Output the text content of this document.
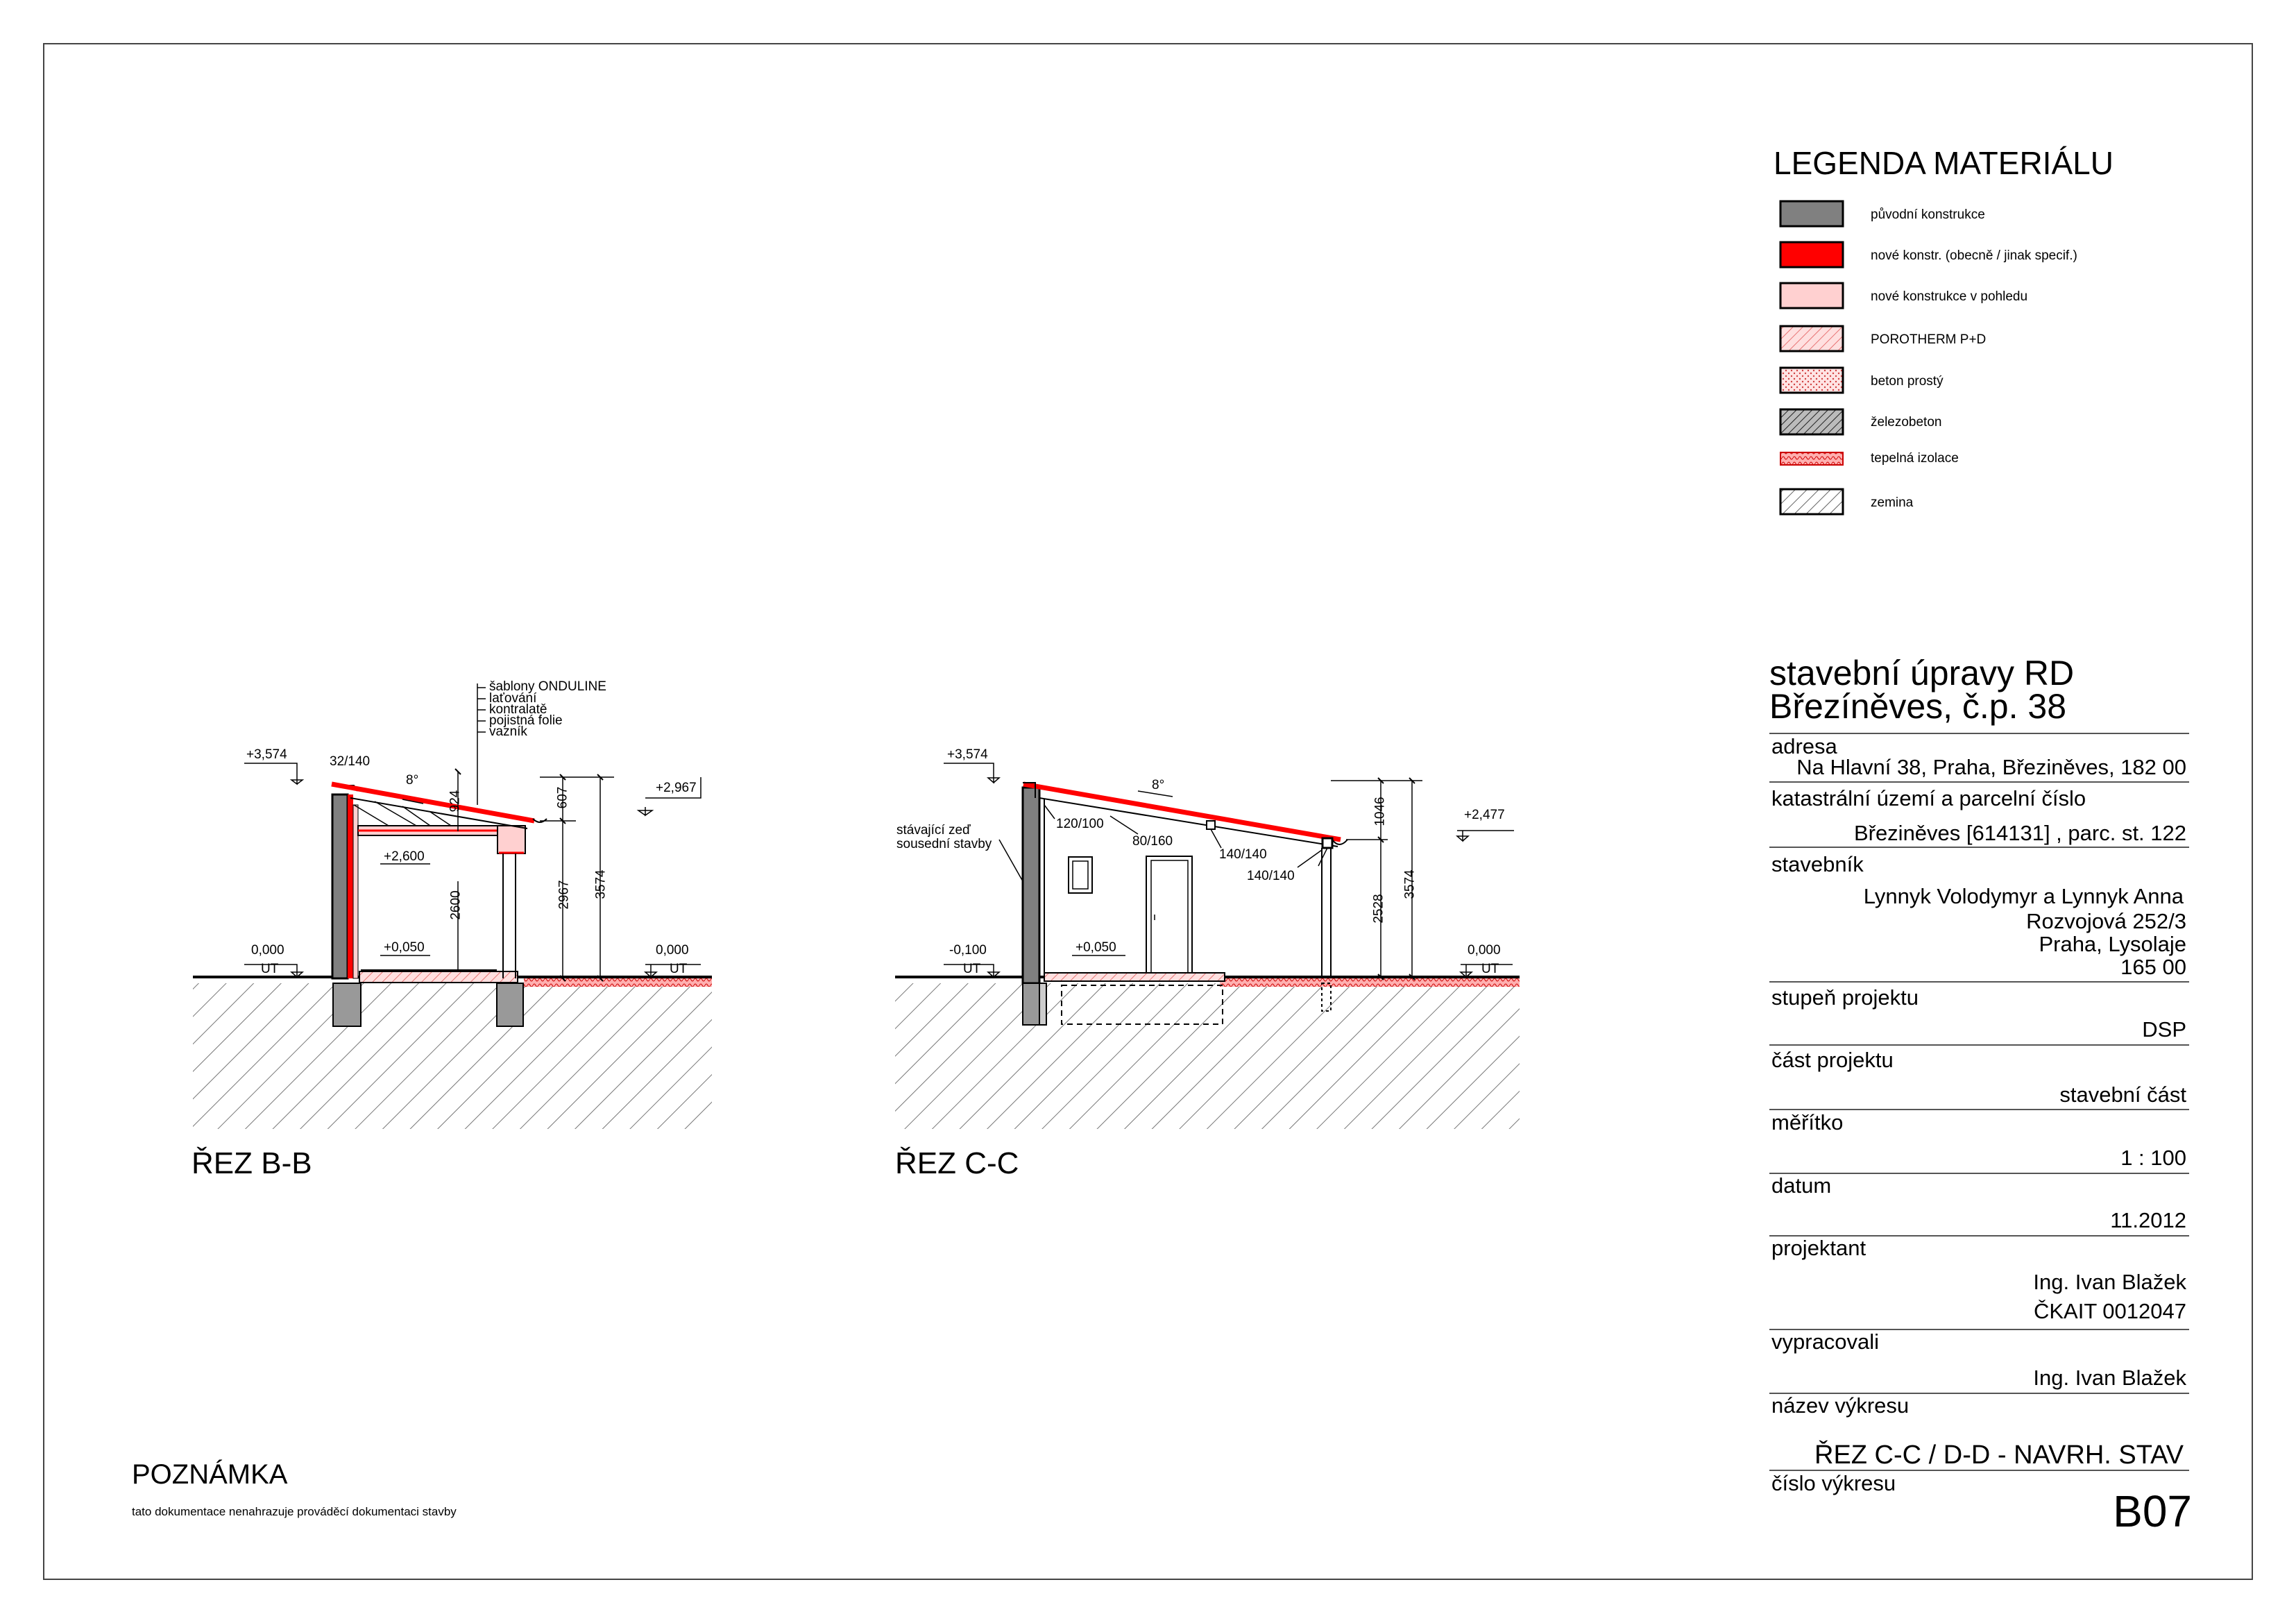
LEGENDA MATERIÁLU
původní konstrukce
nové konstr. (obecně / jinak specif.)
nové konstrukce v pohledu
POROTHERM P+D
beton prostý
železobeton
tepelná izolace
zemina
stavební úpravy RD
Březíněves, č.p. 38
adresa
Na Hlavní 38, Praha, Březiněves, 182 00
katastrální území a parcelní číslo
Březiněves [614131] , parc. st. 122
stavebník
Lynnyk Volodymyr a Lynnyk Anna
Rozvojová 252/3
Praha, Lysolaje
165 00
stupeň projektu
DSP
část projektu
stavební část
měřítko
1 : 100
datum
11.2012
projektant
Ing. Ivan Blažek
ČKAIT 0012047
vypracovali
Ing. Ivan Blažek
název výkresu
ŘEZ C-C / D-D - NAVRH. STAV
číslo výkresu
B07
ŘEZ B-B
+3,574	32/140
8°
924	607	+2,967
+2,600
2600	2967 3574
+0,050
0,000
UT
0,000
UT
šablony ONDULINE
laťování
kontralatě
pojistná folie
vazník
ŘEZ C-C
+3,574
8°
stávající zeď
sousední stavby
120/100
80/160
140/140
140/140
1046	+2,477
2528
3574
-0,100
UT
+0,050	0,000
UT
POZNÁMKA
tato dokumentace nenahrazuje prováděcí dokumentaci stavby
